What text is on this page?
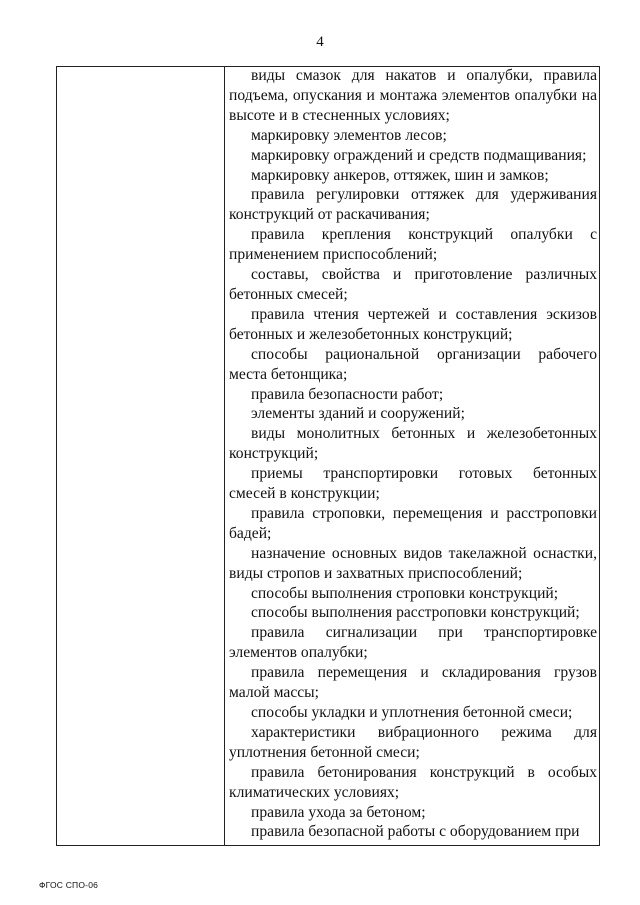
4

виды смазок для накатов и опалубки, правила подъема, опускания и монтажа элементов опалубки на высоте и в стесненных условиях;

маркировку элементов лесов;

маркировку ограждений и средств подмащивания;

маркировку анкеров, оттяжек, шин и замков;

правила регулировки оттяжек для удерживания конструкций от раскачивания;

правила крепления конструкций опалубки с применением приспособлений;

составы, свойства и приготовление различных бетонных смесей;

правила чтения чертежей и составления эскизов бетонных и железобетонных конструкций;

способы рациональной организации рабочего места бетонщика;

правила безопасности работ;

элементы зданий и сооружений;

виды монолитных бетонных и железобетонных конструкций;

приемы транспортировки готовых бетонных смесей в конструкции;

правила строповки, перемещения и расстроповки бадей;

назначение основных видов такелажной оснастки, виды стропов и захватных приспособлений;

способы выполнения строповки конструкций;

способы выполнения расстроповки конструкций;

правила сигнализации при транспортировке элементов опалубки;

правила перемещения и складирования грузов малой массы;

способы укладки и уплотнения бетонной смеси;

характеристики вибрационного режима для уплотнения бетонной смеси;

правила бетонирования конструкций в особых климатических условиях;

правила ухода за бетоном;

правила безопасной работы с оборудованием при

ФГОС СПО-06
